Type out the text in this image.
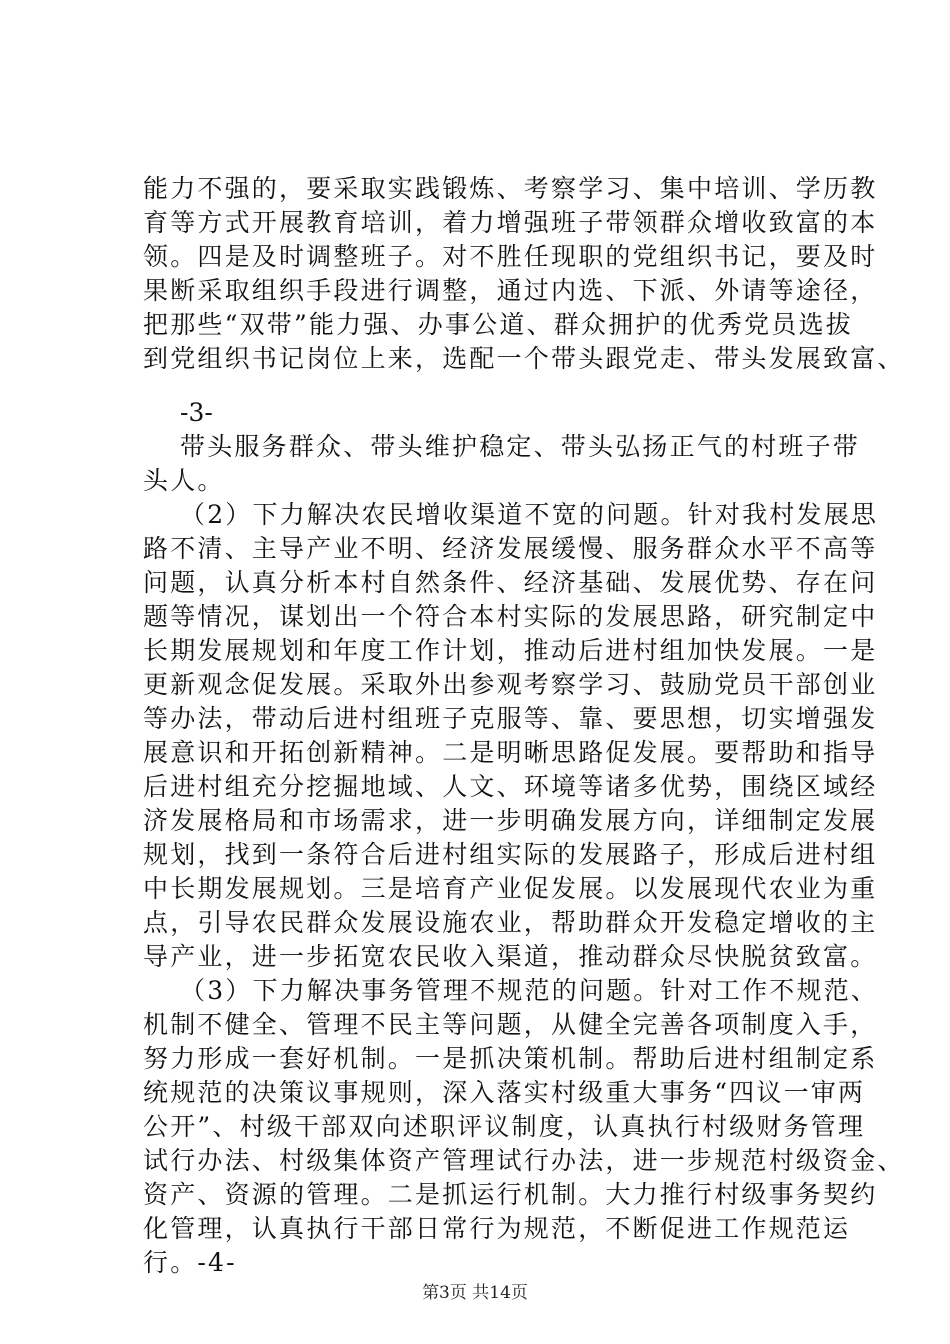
能力不强的，要采取实践锻炼、考察学习、集中培训、学历教
育等方式开展教育培训，着力增强班子带领群众增收致富的本
领。四是及时调整班子。对不胜任现职的党组织书记，要及时
果断采取组织手段进行调整，通过内选、下派、外请等途径，
把那些“双带”能力强、办事公道、群众拥护的优秀党员选拔
到党组织书记岗位上来，选配一个带头跟党走、带头发展致富、
-3-
带头服务群众、带头维护稳定、带头弘扬正气的村班子带
头人。
（2）下力解决农民增收渠道不宽的问题。针对我村发展思
路不清、主导产业不明、经济发展缓慢、服务群众水平不高等
问题，认真分析本村自然条件、经济基础、发展优势、存在问
题等情况，谋划出一个符合本村实际的发展思路，研究制定中
长期发展规划和年度工作计划，推动后进村组加快发展。一是
更新观念促发展。采取外出参观考察学习、鼓励党员干部创业
等办法，带动后进村组班子克服等、靠、要思想，切实增强发
展意识和开拓创新精神。二是明晰思路促发展。要帮助和指导
后进村组充分挖掘地域、人文、环境等诸多优势，围绕区域经
济发展格局和市场需求，进一步明确发展方向，详细制定发展
规划，找到一条符合后进村组实际的发展路子，形成后进村组
中长期发展规划。三是培育产业促发展。以发展现代农业为重
点，引导农民群众发展设施农业，帮助群众开发稳定增收的主
导产业，进一步拓宽农民收入渠道，推动群众尽快脱贫致富。
（3）下力解决事务管理不规范的问题。针对工作不规范、
机制不健全、管理不民主等问题，从健全完善各项制度入手，
努力形成一套好机制。一是抓决策机制。帮助后进村组制定系
统规范的决策议事规则，深入落实村级重大事务“四议一审两
公开”、村级干部双向述职评议制度，认真执行村级财务管理
试行办法、村级集体资产管理试行办法，进一步规范村级资金、
资产、资源的管理。二是抓运行机制。大力推行村级事务契约
化管理，认真执行干部日常行为规范，不断促进工作规范运
行。-4-
第3页 共14页
